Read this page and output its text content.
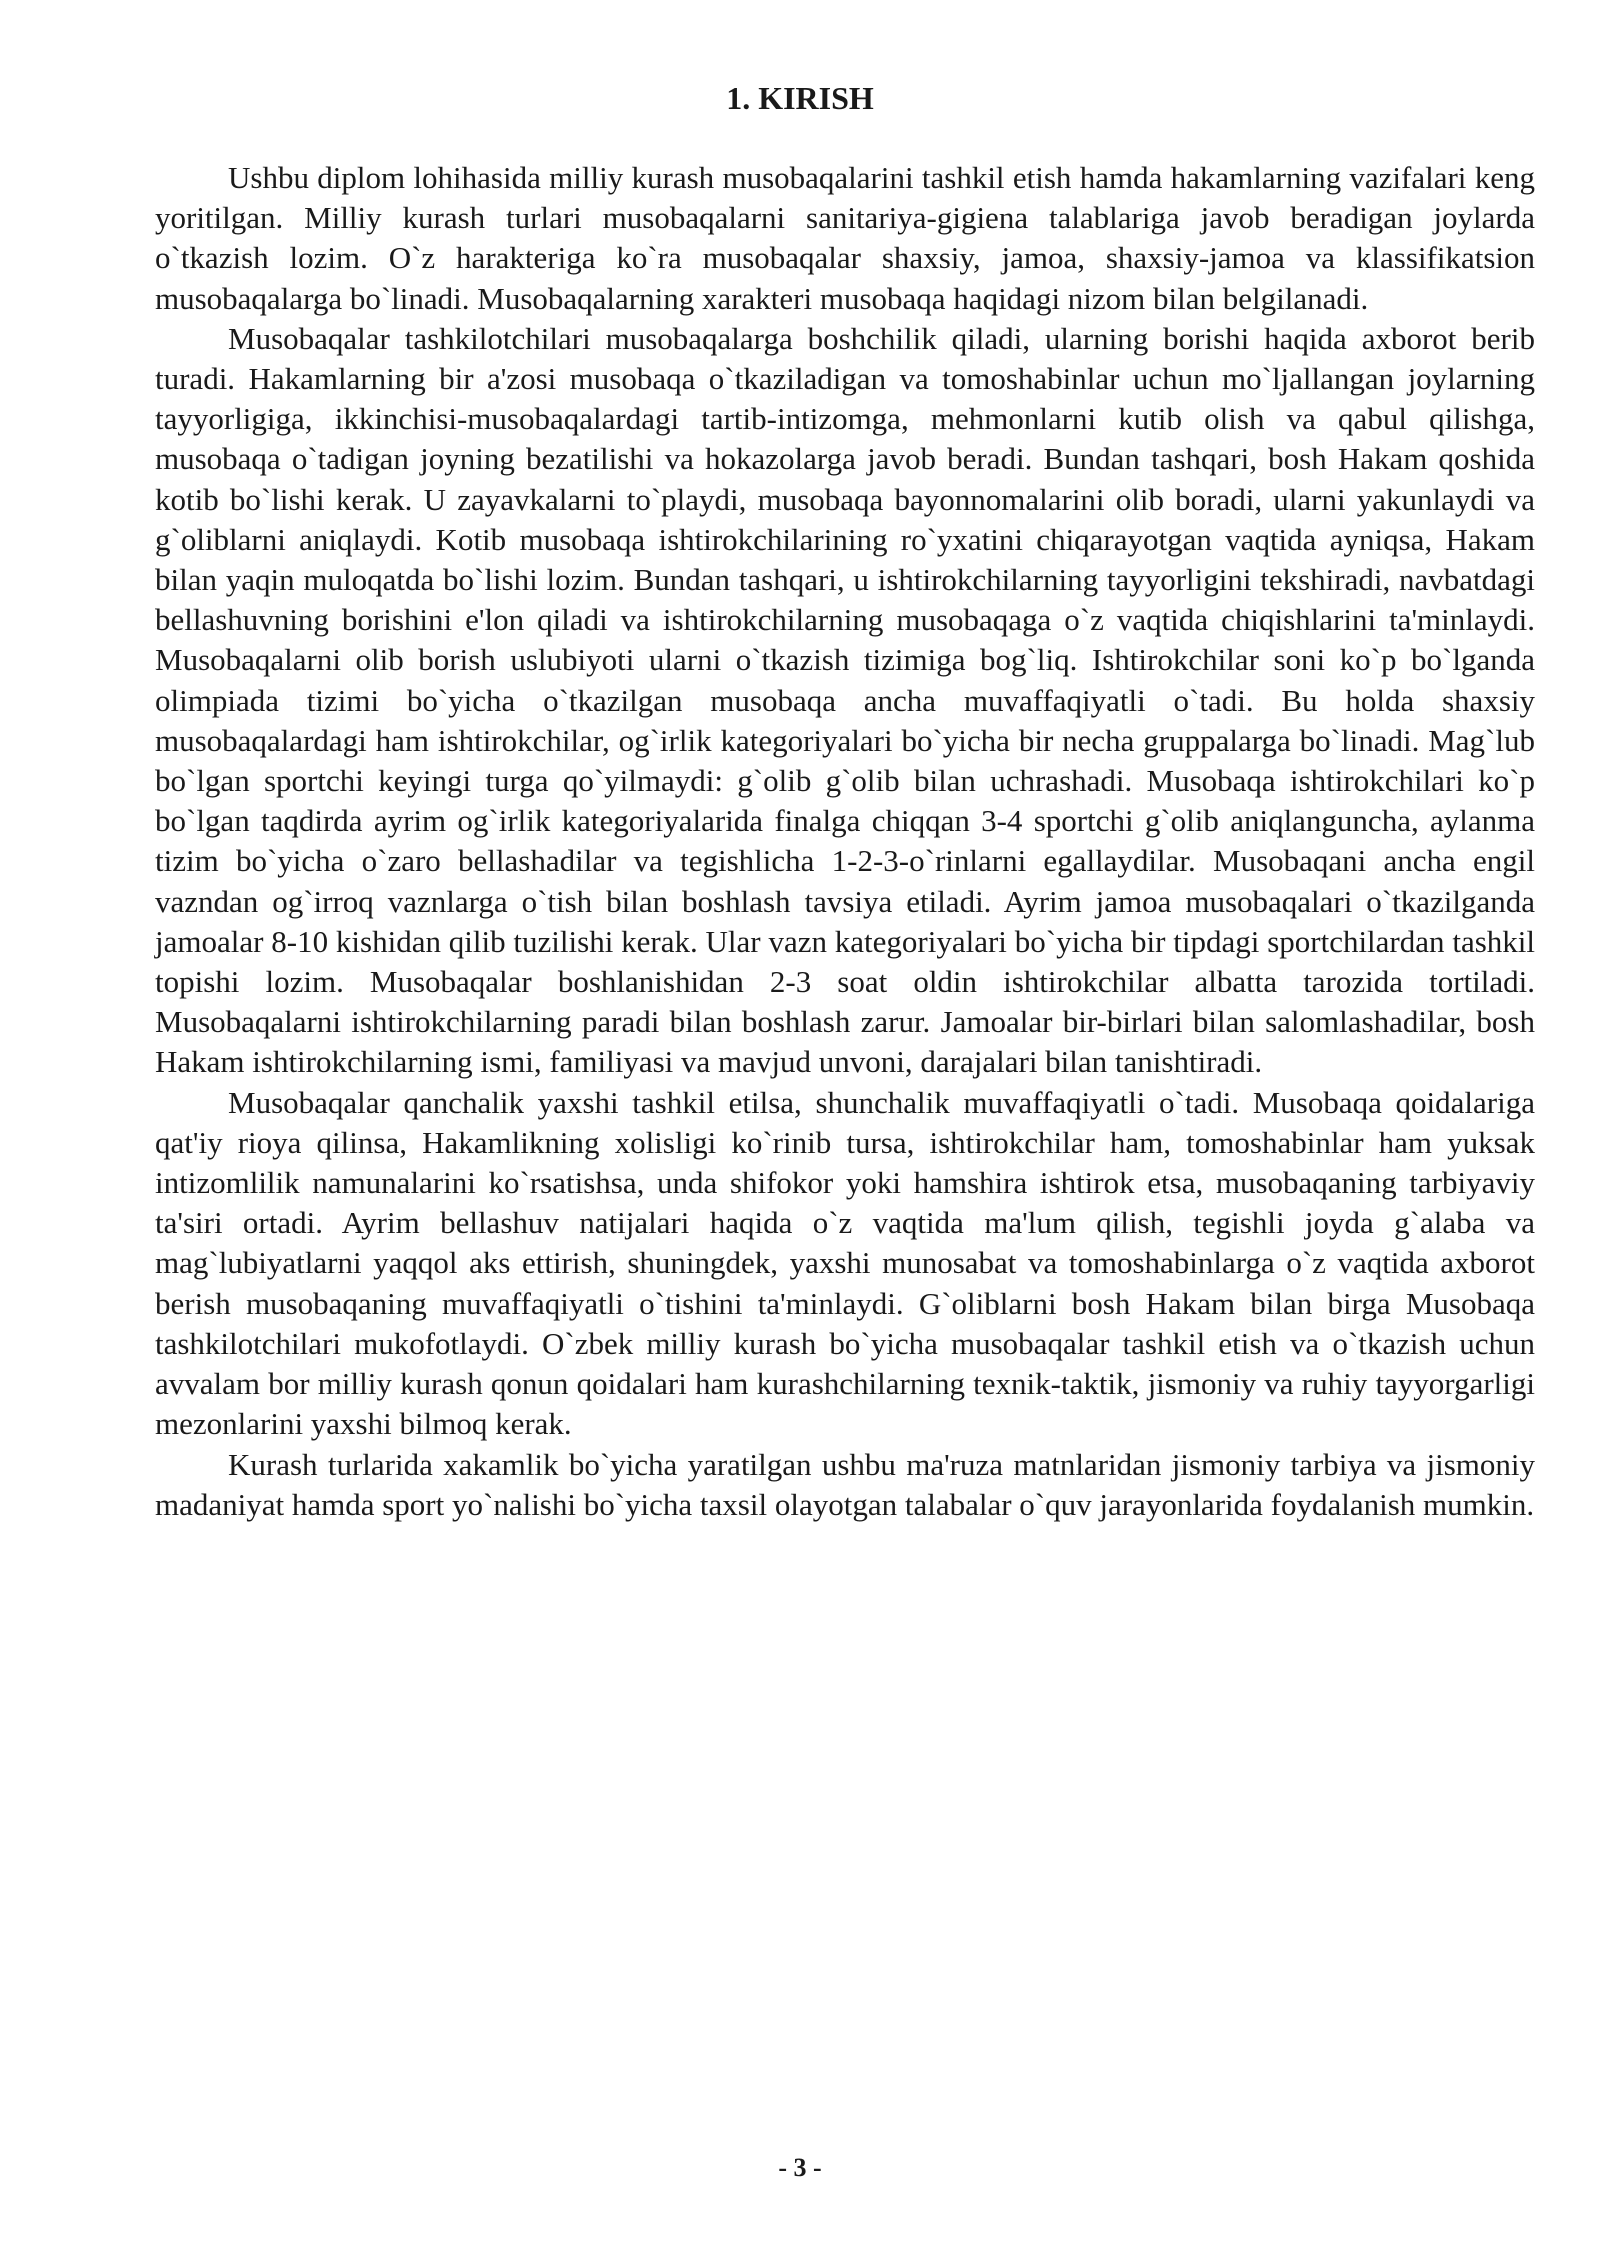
1. KIRISH

Ushbu diplom lohihasida milliy kurash musobaqalarini tashkil etish hamda hakamlarning vazifalari keng yoritilgan. Milliy kurash turlari musobaqalarni sanitariya-gigiena talablariga javob beradigan joylarda o`tkazish lozim. O`z harakteriga ko`ra musobaqalar shaxsiy, jamoa, shaxsiy-jamoa va klassifikatsion musobaqalarga bo`linadi. Musobaqalarning xarakteri musobaqa haqidagi nizom bilan belgilanadi.

Musobaqalar tashkilotchilari musobaqalarga boshchilik qiladi, ularning borishi haqida axborot berib turadi. Hakamlarning bir a'zosi musobaqa o`tkaziladigan va tomoshabinlar uchun mo`ljallangan joylarning tayyorligiga, ikkinchisi-musobaqalardagi tartib-intizomga, mehmonlarni kutib olish va qabul qilishga, musobaqa o`tadigan joyning bezatilishi va hokazolarga javob beradi. Bundan tashqari, bosh Hakam qoshida kotib bo`lishi kerak. U zayavkalarni to`playdi, musobaqa bayonnomalarini olib boradi, ularni yakunlaydi va g`oliblarni aniqlaydi. Kotib musobaqa ishtirokchilarining ro`yxatini chiqarayotgan vaqtida ayniqsa, Hakam bilan yaqin muloqatda bo`lishi lozim. Bundan tashqari, u ishtirokchilarning tayyorligini tekshiradi, navbatdagi bellashuvning borishini e'lon qiladi va ishtirokchilarning musobaqaga o`z vaqtida chiqishlarini ta'minlaydi. Musobaqalarni olib borish uslubiyoti ularni o`tkazish tizimiga bog`liq. Ishtirokchilar soni ko`p bo`lganda olimpiada tizimi bo`yicha o`tkazilgan musobaqa ancha muvaffaqiyatli o`tadi. Bu holda shaxsiy musobaqalardagi ham ishtirokchilar, og`irlik kategoriyalari bo`yicha bir necha gruppalarga bo`linadi. Mag`lub bo`lgan sportchi keyingi turga qo`yilmaydi: g`olib g`olib bilan uchrashadi. Musobaqa ishtirokchilari ko`p bo`lgan taqdirda ayrim og`irlik kategoriyalarida finalga chiqqan 3-4 sportchi g`olib aniqlanguncha, aylanma tizim bo`yicha o`zaro bellashadilar va tegishlicha 1-2-3-o`rinlarni egallaydilar. Musobaqani ancha engil vazndan og`irroq vaznlarga o`tish bilan boshlash tavsiya etiladi. Ayrim jamoa musobaqalari o`tkazilganda jamoalar 8-10 kishidan qilib tuzilishi kerak. Ular vazn kategoriyalari bo`yicha bir tipdagi sportchilardan tashkil topishi lozim. Musobaqalar boshlanishidan 2-3 soat oldin ishtirokchilar albatta tarozida tortiladi. Musobaqalarni ishtirokchilarning paradi bilan boshlash zarur. Jamoalar bir-birlari bilan salomlashadilar, bosh Hakam ishtirokchilarning ismi, familiyasi va mavjud unvoni, darajalari bilan tanishtiradi.

Musobaqalar qanchalik yaxshi tashkil etilsa, shunchalik muvaffaqiyatli o`tadi. Musobaqa qoidalariga qat'iy rioya qilinsa, Hakamlikning xolisligi ko`rinib tursa, ishtirokchilar ham, tomoshabinlar ham yuksak intizomlilik namunalarini ko`rsatishsa, unda shifokor yoki hamshira ishtirok etsa, musobaqaning tarbiyaviy ta'siri ortadi. Ayrim bellashuv natijalari haqida o`z vaqtida ma'lum qilish, tegishli joyda g`alaba va mag`lubiyatlarni yaqqol aks ettirish, shuningdek, yaxshi munosabat va tomoshabinlarga o`z vaqtida axborot berish musobaqaning muvaffaqiyatli o`tishini ta'minlaydi. G`oliblarni bosh Hakam bilan birga Musobaqa tashkilotchilari mukofotlaydi. O`zbek milliy kurash bo`yicha musobaqalar tashkil etish va o`tkazish uchun avvalam bor milliy kurash qonun qoidalari ham kurashchilarning texnik-taktik, jismoniy va ruhiy tayyorgarligi mezonlarini yaxshi bilmoq kerak.

Kurash turlarida xakamlik bo`yicha yaratilgan ushbu ma'ruza matnlaridan jismoniy tarbiya va jismoniy madaniyat hamda sport yo`nalishi bo`yicha taxsil olayotgan talabalar o`quv jarayonlarida foydalanish mumkin.

- 3 -
